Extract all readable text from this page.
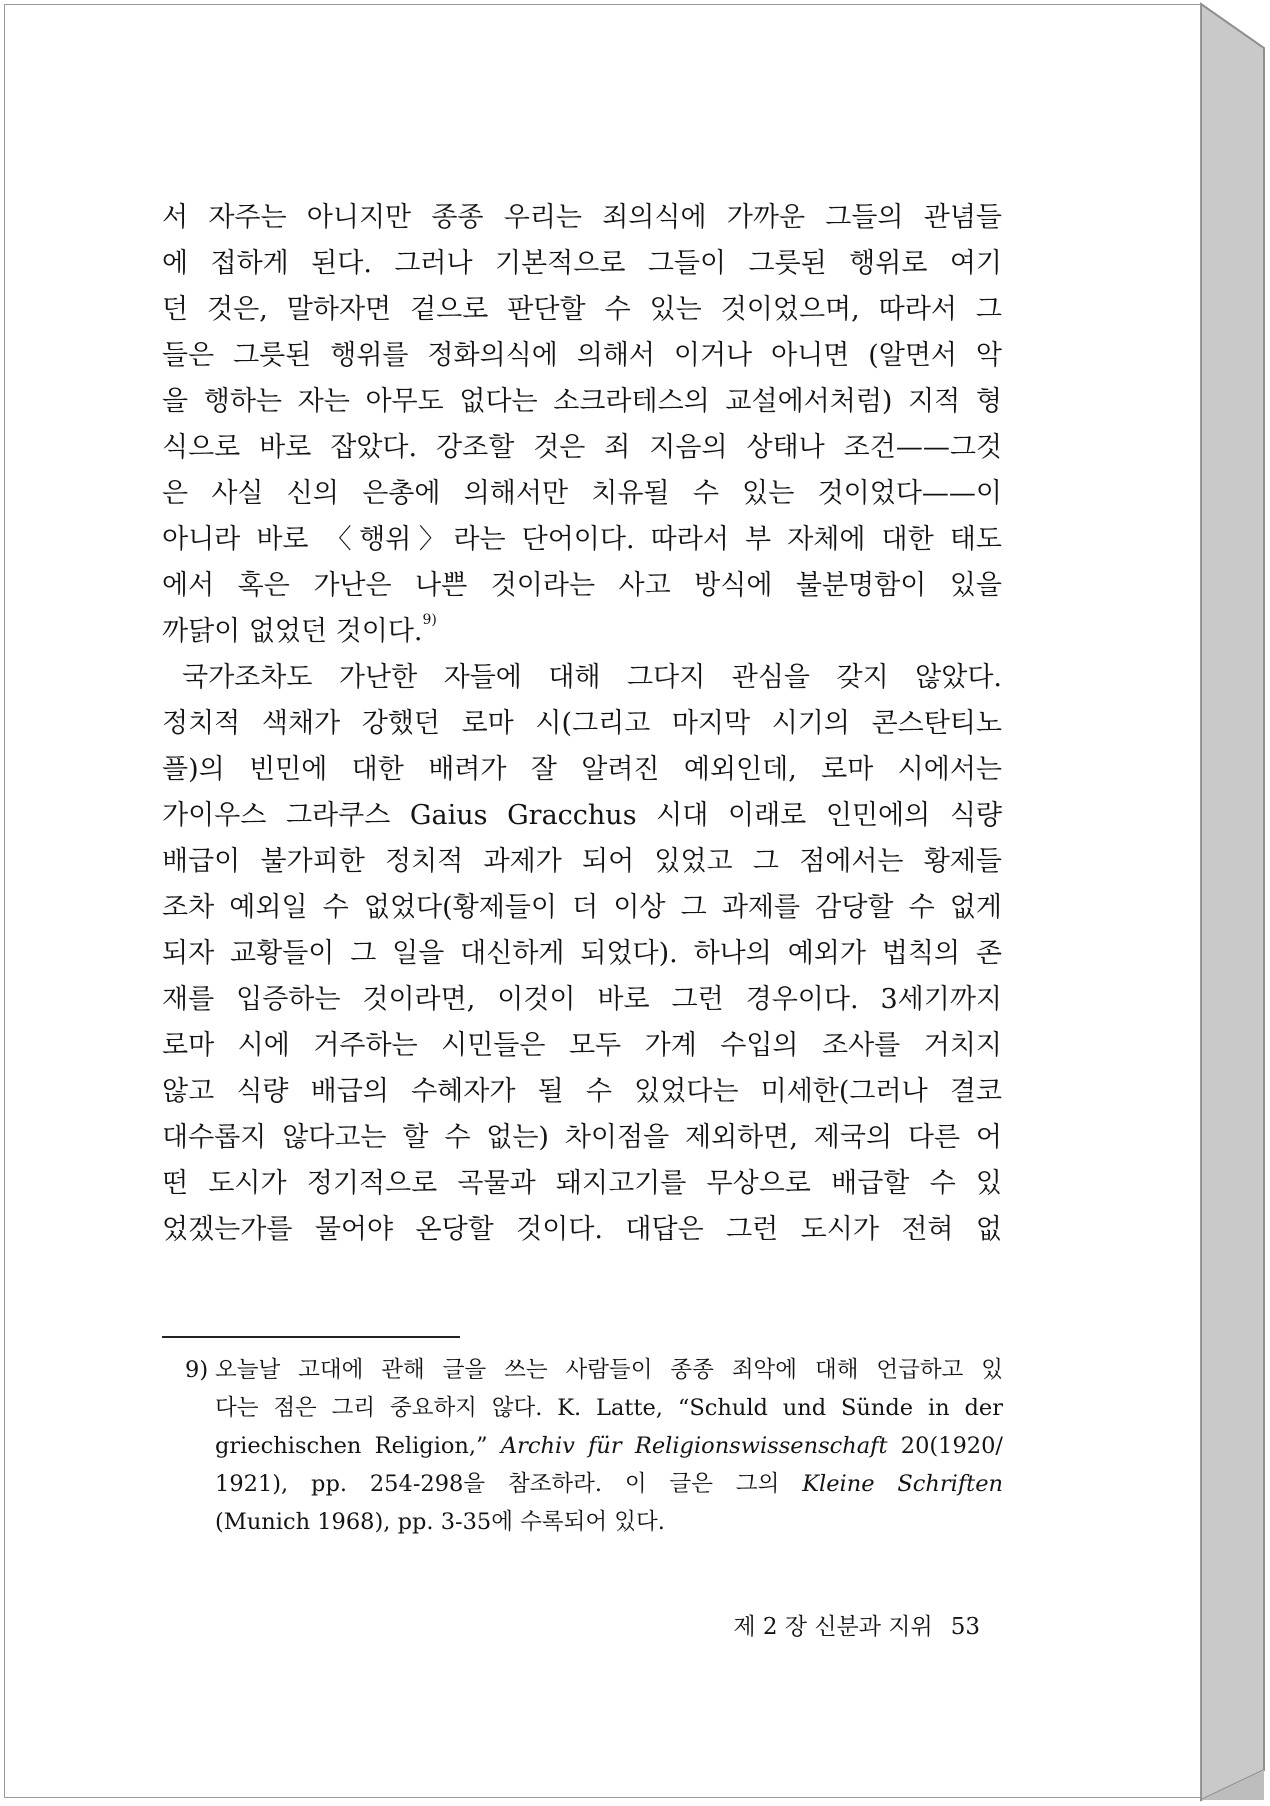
서 자주는 아니지만 종종 우리는 죄의식에 가까운 그들의 관념들
에 접하게 된다. 그러나 기본적으로 그들이 그릇된 행위로 여기
던 것은, 말하자면 겉으로 판단할 수 있는 것이었으며, 따라서 그
들은 그릇된 행위를 정화의식에 의해서 이거나 아니면 (알면서 악
을 행하는 자는 아무도 없다는 소크라테스의 교설에서처럼) 지적 형
식으로 바로 잡았다. 강조할 것은 죄 지음의 상태나 조건——그것
은 사실 신의 은총에 의해서만 치유될 수 있는 것이었다——이
아니라 바로 〈행위〉라는 단어이다. 따라서 부 자체에 대한 태도
에서 혹은 가난은 나쁜 것이라는 사고 방식에 불분명함이 있을
까닭이 없었던 것이다.$^{9)}$
국가조차도 가난한 자들에 대해 그다지 관심을 갖지 않았다.
정치적 색채가 강했던 로마 시(그리고 마지막 시기의 콘스탄티노
플)의 빈민에 대한 배려가 잘 알려진 예외인데, 로마 시에서는
가이우스 그라쿠스 Gaius Gracchus 시대 이래로 인민에의 식량
배급이 불가피한 정치적 과제가 되어 있었고 그 점에서는 황제들
조차 예외일 수 없었다(황제들이 더 이상 그 과제를 감당할 수 없게
되자 교황들이 그 일을 대신하게 되었다). 하나의 예외가 법칙의 존
재를 입증하는 것이라면, 이것이 바로 그런 경우이다. 3세기까지
로마 시에 거주하는 시민들은 모두 가계 수입의 조사를 거치지
않고 식량 배급의 수혜자가 될 수 있었다는 미세한(그러나 결코
대수롭지 않다고는 할 수 없는) 차이점을 제외하면, 제국의 다른 어
떤 도시가 정기적으로 곡물과 돼지고기를 무상으로 배급할 수 있
었겠는가를 물어야 온당할 것이다. 대답은 그런 도시가 전혀 없
9) 오늘날 고대에 관해 글을 쓰는 사람들이 종종 죄악에 대해 언급하고 있
다는 점은 그리 중요하지 않다. K. Latte, “Schuld und Sünde in der
griechischen Religion,” Archiv für Religionswissenschaft 20(1920/
1921), pp. 254-298을 참조하라. 이 글은 그의 Kleine Schriften
(Munich 1968), pp. 3-35에 수록되어 있다.
제 2 장 신분과 지위 53
